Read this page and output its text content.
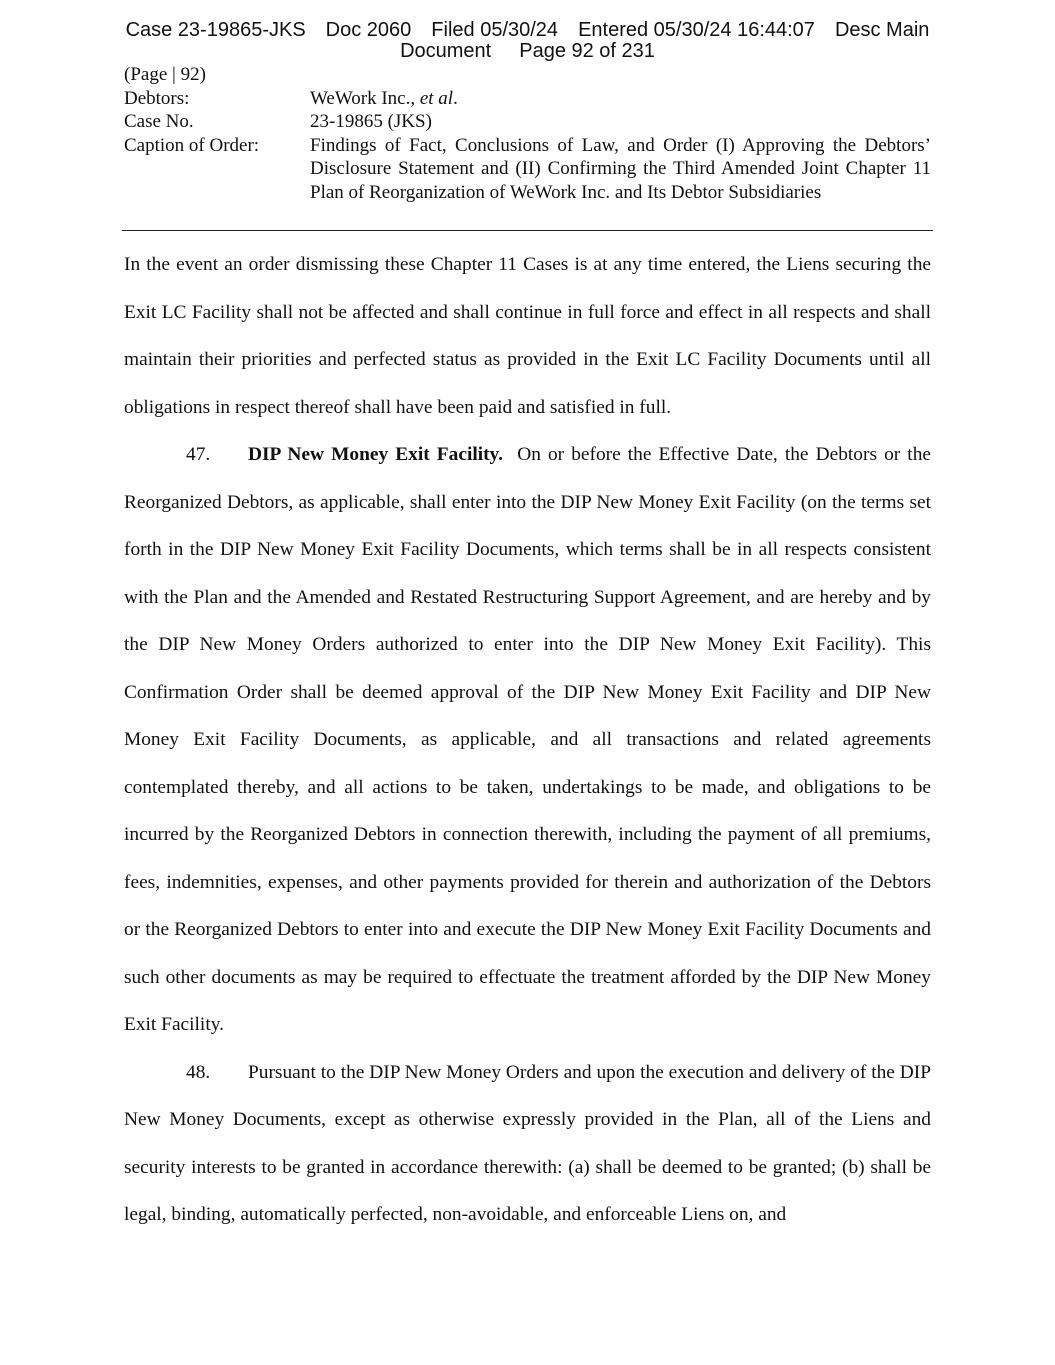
Case 23-19865-JKS Doc 2060 Filed 05/30/24 Entered 05/30/24 16:44:07 Desc Main
Document Page 92 of 231
(Page | 92)
Debtors:	WeWork Inc., et al.
Case No.	23-19865 (JKS)
Caption of Order:	Findings of Fact, Conclusions of Law, and Order (I) Approving the Debtors’ Disclosure Statement and (II) Confirming the Third Amended Joint Chapter 11 Plan of Reorganization of WeWork Inc. and Its Debtor Subsidiaries

In the event an order dismissing these Chapter 11 Cases is at any time entered, the Liens securing the Exit LC Facility shall not be affected and shall continue in full force and effect in all respects and shall maintain their priorities and perfected status as provided in the Exit LC Facility Documents until all obligations in respect thereof shall have been paid and satisfied in full.

47. DIP New Money Exit Facility. On or before the Effective Date, the Debtors or the Reorganized Debtors, as applicable, shall enter into the DIP New Money Exit Facility (on the terms set forth in the DIP New Money Exit Facility Documents, which terms shall be in all respects consistent with the Plan and the Amended and Restated Restructuring Support Agreement, and are hereby and by the DIP New Money Orders authorized to enter into the DIP New Money Exit Facility). This Confirmation Order shall be deemed approval of the DIP New Money Exit Facility and DIP New Money Exit Facility Documents, as applicable, and all transactions and related agreements contemplated thereby, and all actions to be taken, undertakings to be made, and obligations to be incurred by the Reorganized Debtors in connection therewith, including the payment of all premiums, fees, indemnities, expenses, and other payments provided for therein and authorization of the Debtors or the Reorganized Debtors to enter into and execute the DIP New Money Exit Facility Documents and such other documents as may be required to effectuate the treatment afforded by the DIP New Money Exit Facility.

48. Pursuant to the DIP New Money Orders and upon the execution and delivery of the DIP New Money Documents, except as otherwise expressly provided in the Plan, all of the Liens and security interests to be granted in accordance therewith: (a) shall be deemed to be granted; (b) shall be legal, binding, automatically perfected, non-avoidable, and enforceable Liens on, and
